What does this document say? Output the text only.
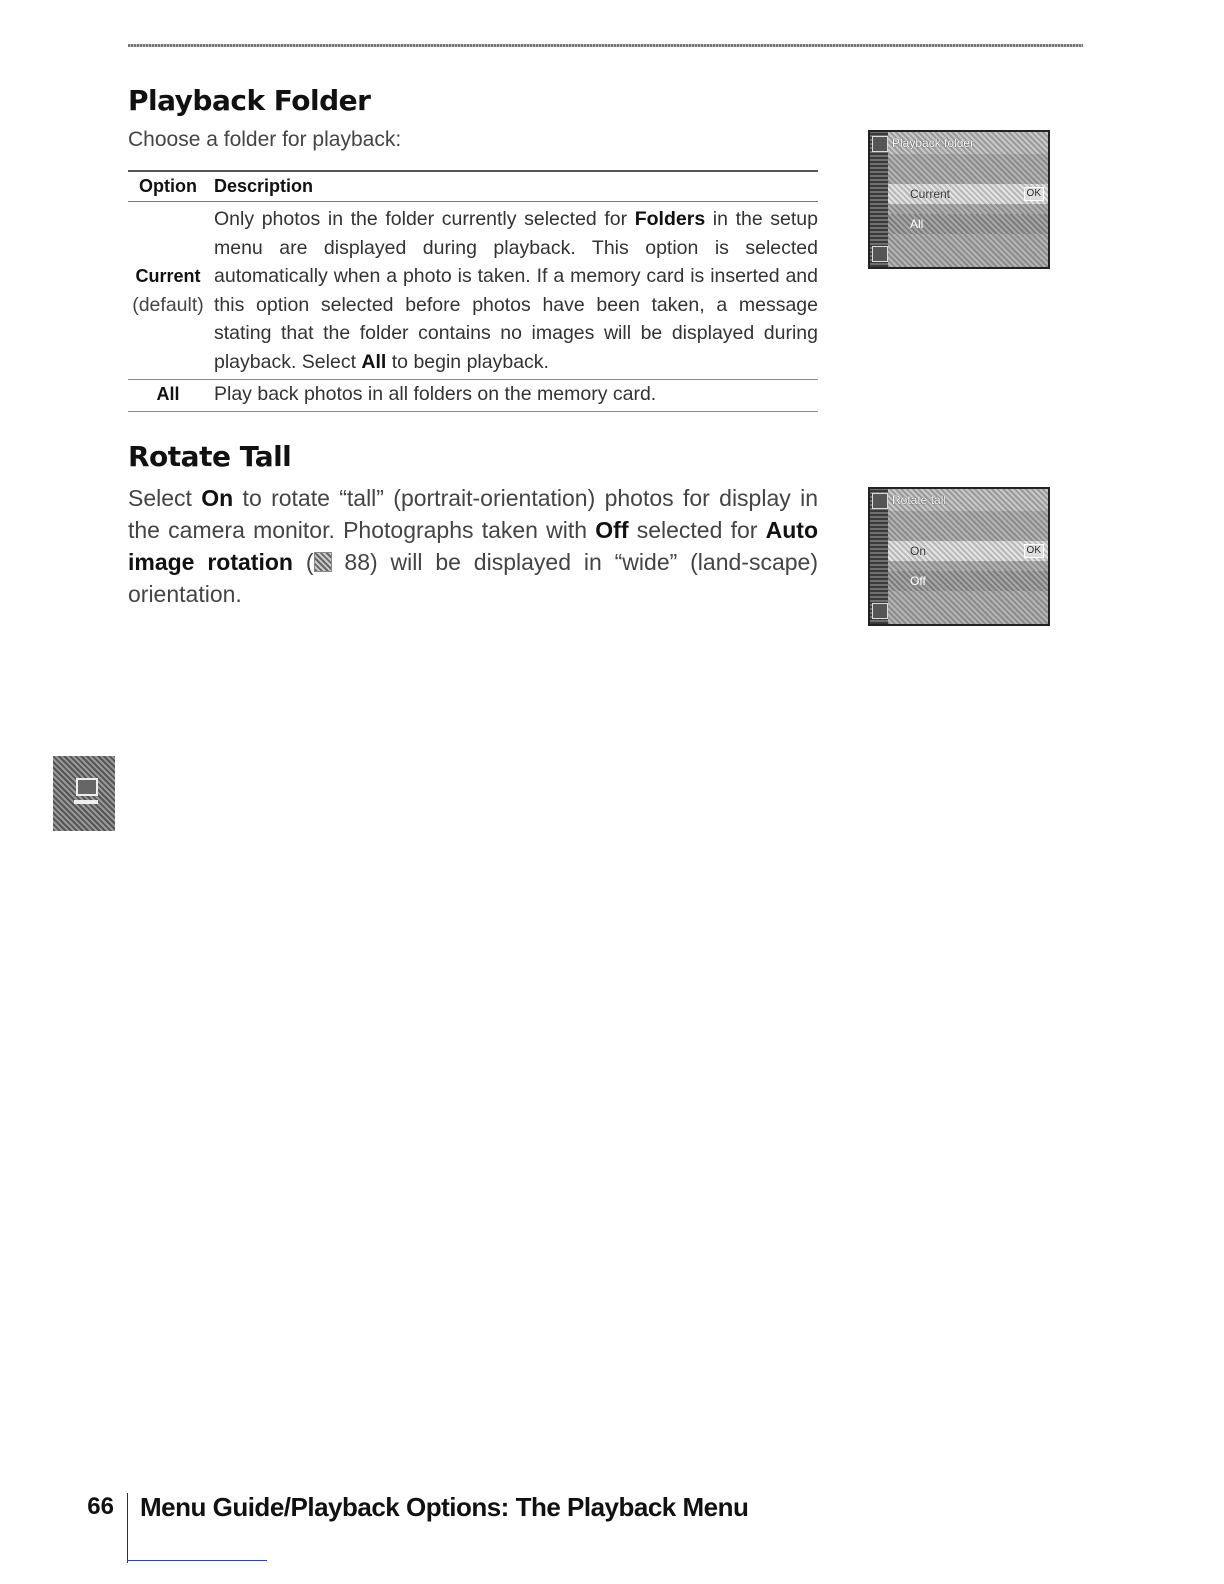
Playback Folder

Choose a folder for playback:

Option	Description

Current
(default)	Only photos in the folder currently selected for Folders in the setup menu are displayed during playback. This option is selected automatically when a photo is taken. If a memory card is inserted and this option selected before photos have been taken, a message stating that the folder contains no images will be displayed during playback. Select All to begin playback.

All	Play back photos in all folders on the memory card.
Playback folder
Current	OK
All
Rotate Tall

Select On to rotate “tall” (portrait-orientation) photos for display in the camera monitor. Photographs taken with Off selected for Auto image rotation ( 88) will be displayed in “wide” (land-scape) orientation.

Rotate tall
On	OK
Off
66 Menu Guide/Playback Options: The Playback Menu
